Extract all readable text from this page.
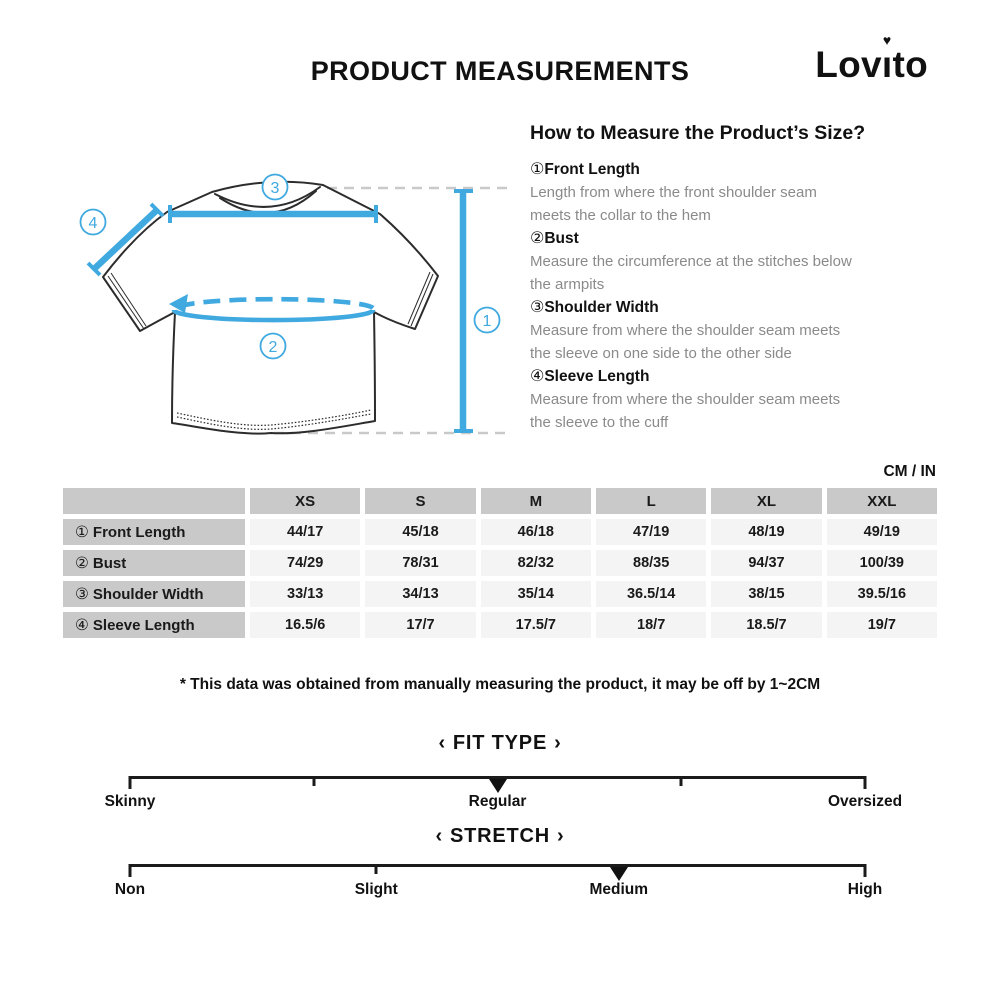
PRODUCT MEASUREMENTS	Lovı
♥
to
1
2
3
4
How to Measure the Product’s Size?
①Front Length
Length from where the front shoulder seam
meets the collar to the hem
②Bust
Measure the circumference at the stitches below
the armpits
③Shoulder Width
Measure from where the shoulder seam meets
the sleeve on one side to the other side
④Sleeve Length
Measure from where the shoulder seam meets
the sleeve to the cuff
CM / IN
	XS	S	M	L	XL	XXL
① Front Length	44/17	45/18	46/18	47/19	48/19	49/19
② Bust	74/29	78/31	82/32	88/35	94/37	100/39
③ Shoulder Width	33/13	34/13	35/14	36.5/14	38/15	39.5/16
④ Sleeve Length	16.5/6	17/7	17.5/7	18/7	18.5/7	19/7
* This data was obtained from manually measuring the product, it may be off by 1~2CM
‹ FIT TYPE ›
Skinny	Regular	Oversized
‹ STRETCH ›
Non	Slight	Medium	High
